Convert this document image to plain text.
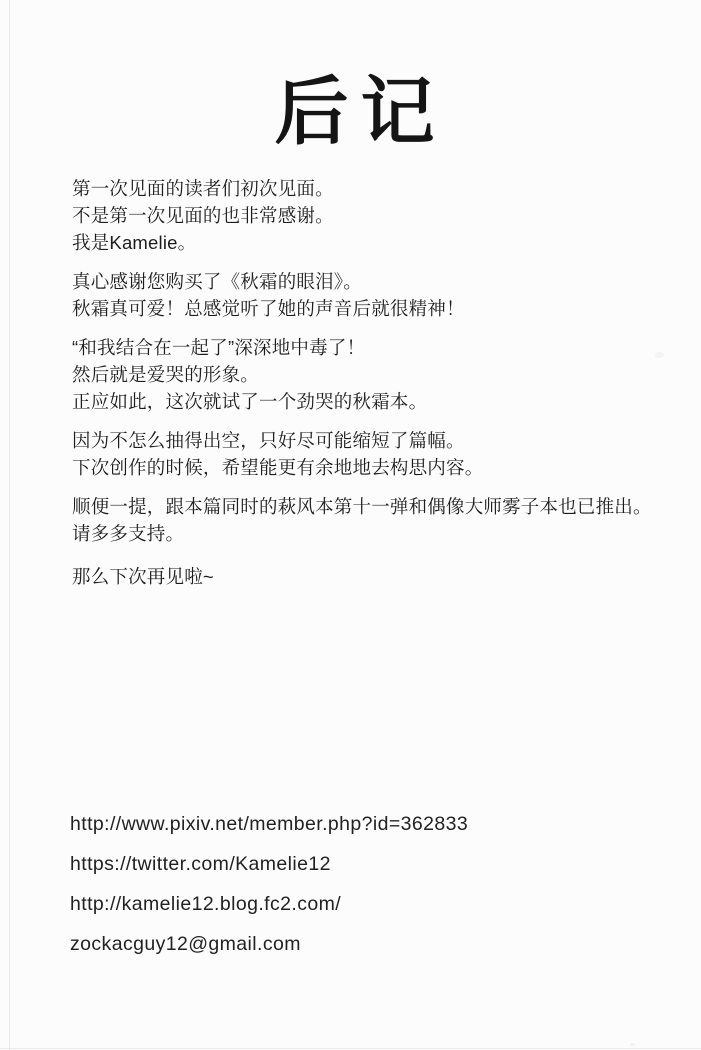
后记
第一次见面的读者们初次见面。
不是第一次见面的也非常感谢。
我是Kamelie。
真心感谢您购买了《秋霜的眼泪》。
秋霜真可爱！总感觉听了她的声音后就很精神！
“和我结合在一起了”深深地中毒了！
然后就是爱哭的形象。
正应如此，这次就试了一个劲哭的秋霜本。
因为不怎么抽得出空，只好尽可能缩短了篇幅。
下次创作的时候，希望能更有余地地去构思内容。
顺便一提，跟本篇同时的萩风本第十一弹和偶像大师雾子本也已推出。
请多多支持。
那么下次再见啦~
http://www.pixiv.net/member.php?id=362833
https://twitter.com/Kamelie12
http://kamelie12.blog.fc2.com/
zockacguy12@gmail.com
